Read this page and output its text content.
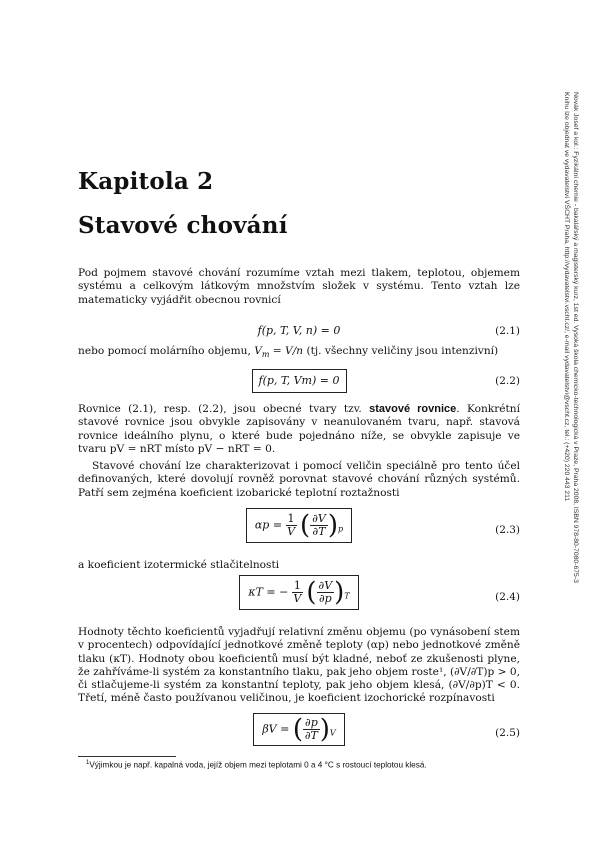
Novák Josef a kol.: Fyzikální chemie - bakalářský a magisterský kurz, 1st ed. Vysoká škola chemicko-technologická v Praze, Praha 2008, ISBN 978-80-7080-675-3
Knihu lze objednat ve vydavatelství VŠCHT Praha, http://vydavatelstvi.vscht.cz/, e-mail vydavatelstvi@vscht.cz, tel.: (+420) 220 443 211
Kapitola 2
Stavové chování
Pod pojmem stavové chování rozumíme vztah mezi tlakem, teplotou, objemem systému a celkovým látkovým množstvím složek v systému. Tento vztah lze matematicky vyjádřit obecnou rovnicí
f(p, T, V, n) = 0	(2.1)
nebo pomocí molárního objemu, $V_m = V/n$ (tj. všechny veličiny jsou intenzivní)
f(p, T, Vm) = 0	(2.2)
Rovnice (2.1), resp. (2.2), jsou obecné tvary tzv. stavové rovnice. Konkrétní stavové rovnice jsou obvykle zapisovány v neanulovaném tvaru, např. stavová rovnice ideálního plynu, o které bude pojednáno níže, se obvykle zapisuje ve tvaru pV = nRT místo pV − nRT = 0.
Stavové chování lze charakterizovat i pomocí veličin speciálně pro tento účel definovaných, které dovolují rovněž porovnat stavové chování různých systémů. Patří sem zejména koeficient izobarické teplotní roztažnosti
$\alpha p = \frac{1}{V}$ ( $\frac{\partial V}{\partial T} )_p$	(2.3)
a koeficient izotermické stlačitelnosti
κT = − $\frac{1}{V}$ ( $\frac{\partial V}{\partial p} )_T$	(2.4)
Hodnoty těchto koeficientů vyjadřují relativní změnu objemu (po vynásobení stem v procentech) odpovídající jednotkové změně teploty (αp) nebo jednotkové změně tlaku (κT). Hodnoty obou koeficientů musí být kladné, neboť ze zkušenosti plyne, že zahříváme-li systém za konstantního tlaku, pak jeho objem roste¹, (∂V/∂T)p > 0, či stlačujeme-li systém za konstantní teploty, pak jeho objem klesá, (∂V/∂p)T < 0. Třetí, méně často používanou veličinou, je koeficient izochorické rozpínavosti
βV = ( $\frac{\partial p}{\partial T} )_V$	(2.5)
$^1$Výjimkou je např. kapalná voda, jejíž objem mezi teplotami 0 a 4 °C s rostoucí teplotou klesá.
